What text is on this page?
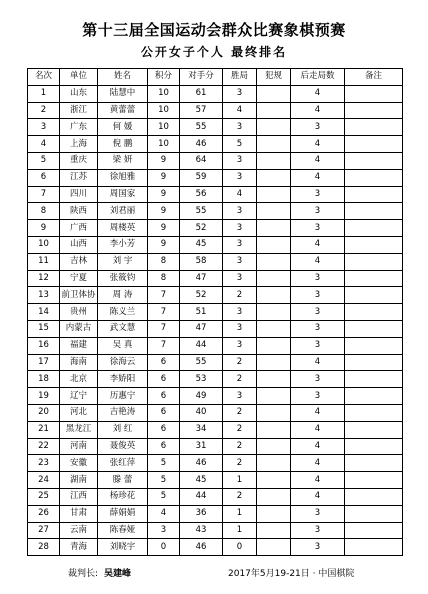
第十三届全国运动会群众比赛象棋预赛
公开女子个人 最终排名
名次	单位	姓名	积分	对手分	胜局	犯规	后走局数	备注
1	山东	陆慧中	10	61	3		4	
2	浙江	黄蕾蕾	10	57	4		4	
3	广东	何 媛	10	55	3		3	
4	上海	倪 鹏	10	46	5		4	
5	重庆	梁 妍	9	64	3		4	
6	江苏	徐旭雅	9	59	3		4	
7	四川	周国家	9	56	4		3	
8	陕西	刘君丽	9	55	3		3	
9	广西	周楼英	9	52	3		3	
10	山西	李小芳	9	45	3		4	
11	吉林	刘 宇	8	58	3		4	
12	宁夏	张筱钧	8	47	3		3	
13	前卫体协	周 涛	7	52	2		3	
14	贵州	陈义兰	7	51	3		3	
15	内蒙古	武文慧	7	47	3		3	
16	福建	吴 真	7	44	3		3	
17	海南	徐海云	6	55	2		4	
18	北京	李娇阳	6	53	2		3	
19	辽宁	历惠宁	6	49	3		3	
20	河北	吉艳涛	6	40	2		4	
21	黑龙江	刘 红	6	34	2		4	
22	河南	聂俊英	6	31	2		4	
23	安徽	张红萍	5	46	2		4	
24	湖南	滕 蕾	5	45	1		4	
25	江西	杨珍花	5	44	2		4	
26	甘肃	薛娟娟	4	36	1		3	
27	云南	陈春娅	3	43	1		3	
28	青海	刘晓宇	0	46	0		3	
裁判长: 吴建峰	2017年5月19-21日 · 中国棋院
